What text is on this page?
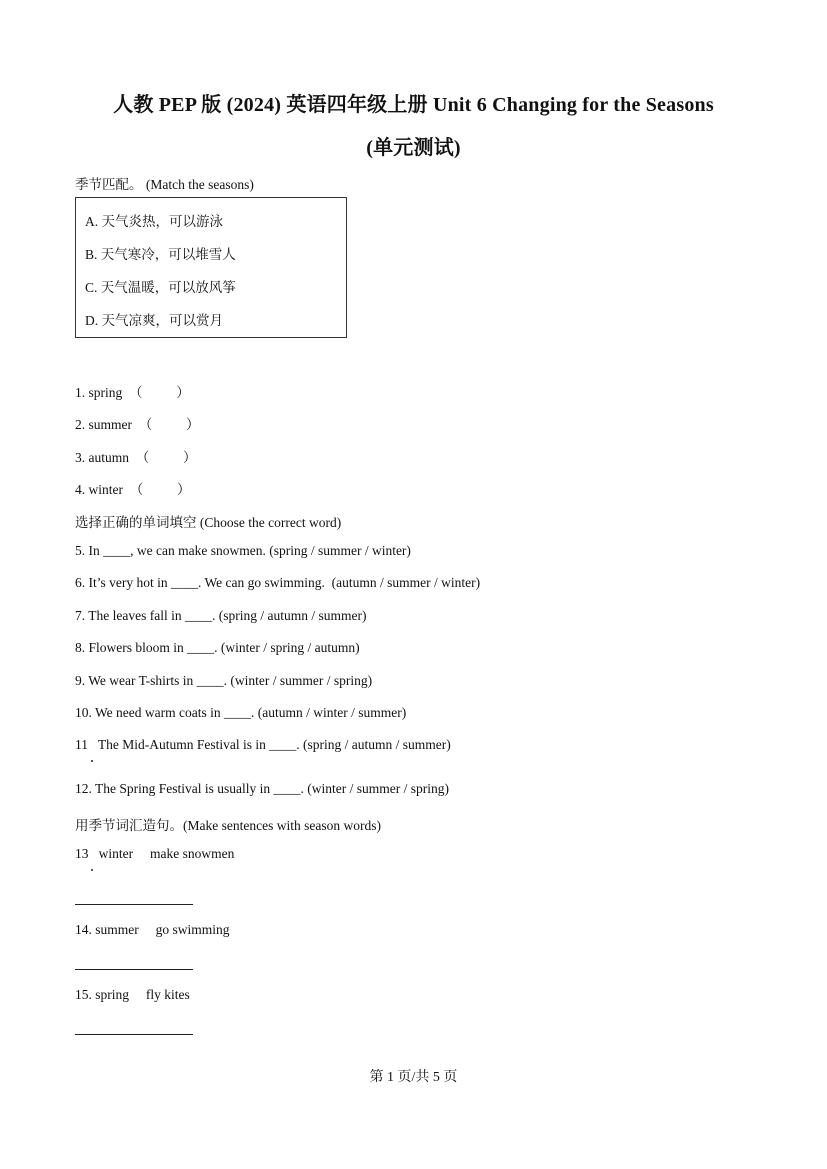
人教 PEP 版 (2024) 英语四年级上册 Unit 6 Changing for the Seasons
(单元测试)
季节匹配。 (Match the seasons)
A. 天气炎热，可以游泳
B. 天气寒冷，可以堆雪人
C. 天气温暖，可以放风筝
D. 天气凉爽，可以赏月
1. spring  （          ）
2. summer  （          ）
3. autumn  （          ）
4. winter  （          ）
选择正确的单词填空 (Choose the correct word)
5. In ____, we can make snowmen. (spring / summer / winter)
6. It’s very hot in ____. We can go swimming.  (autumn / summer / winter)
7. The leaves fall in ____. (spring / autumn / summer)
8. Flowers bloom in ____. (winter / spring / autumn)
9. We wear T-shirts in ____. (winter / summer / spring)
10. We need warm coats in ____. (autumn / winter / summer)
11   The Mid-Autumn Festival is in ____. (spring / autumn / summer)
12. The Spring Festival is usually in ____. (winter / summer / spring)
用季节词汇造句。(Make sentences with season words)
13   winter     make snowmen
14. summer     go swimming
15. spring     fly kites
第 1 页/共 5 页
